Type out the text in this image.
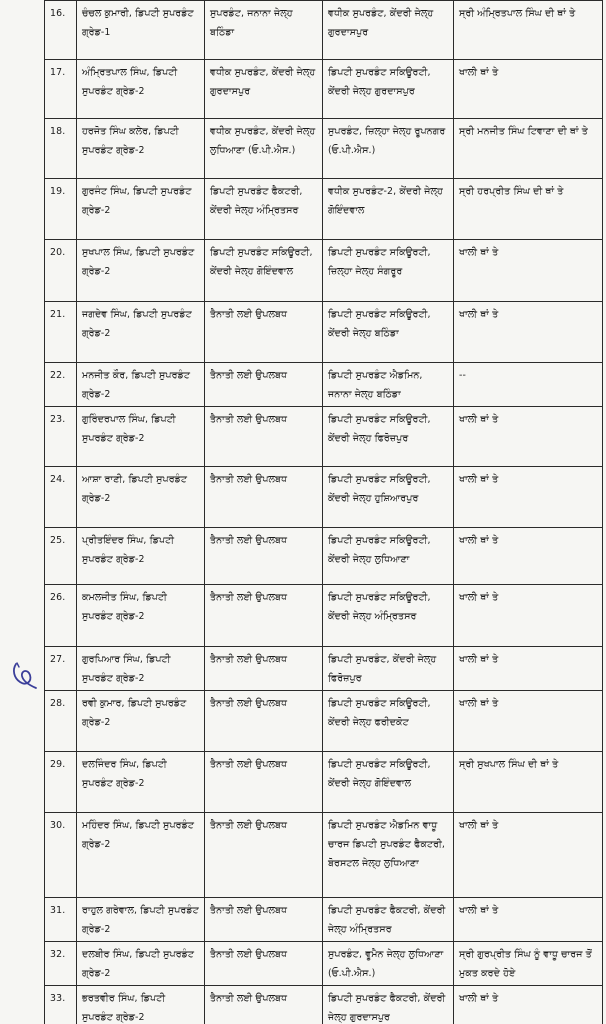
16.	ਚੰਚਲ ਕੁਮਾਰੀ, ਡਿਪਟੀ ਸੁਪਰਡੰਟ ਗ੍ਰੇਡ-1	ਸੁਪਰਡੰਟ, ਜਨਾਨਾ ਜੇਲ੍ਹ ਬਠਿੰਡਾ	ਵਧੀਕ ਸੁਪਰਡੰਟ, ਕੇਂਦਰੀ ਜੇਲ੍ਹ ਗੁਰਦਾਸਪੁਰ	ਸ੍ਰੀ ਅੰਮ੍ਰਿਤਪਾਲ ਸਿੰਘ ਦੀ ਥਾਂ ਤੇ
17.	ਅੰਮ੍ਰਿਤਪਾਲ ਸਿੰਘ, ਡਿਪਟੀ ਸੁਪਰਡੰਟ ਗ੍ਰੇਡ-2	ਵਧੀਕ ਸੁਪਰਡੰਟ, ਕੇਂਦਰੀ ਜੇਲ੍ਹ ਗੁਰਦਾਸਪੁਰ	ਡਿਪਟੀ ਸੁਪਰਡੰਟ ਸਕਿਊਰਟੀ, ਕੇਂਦਰੀ ਜੇਲ੍ਹ ਗੁਰਦਾਸਪੁਰ	ਖਾਲੀ ਥਾਂ ਤੇ
18.	ਹਰਜੋਤ ਸਿੰਘ ਕਲੇਰ, ਡਿਪਟੀ ਸੁਪਰਡੰਟ ਗ੍ਰੇਡ-2	ਵਧੀਕ ਸੁਪਰਡੰਟ, ਕੇਂਦਰੀ ਜੇਲ੍ਹ ਲੁਧਿਆਣਾ (ਓ.ਪੀ.ਐਸ.)	ਸੁਪਰਡੰਟ, ਜ਼ਿਲ੍ਹਾ ਜੇਲ੍ਹ ਰੂਪਨਗਰ (ਓ.ਪੀ.ਐਸ.)	ਸ੍ਰੀ ਮਨਜੀਤ ਸਿੰਘ ਟਿਵਾਣਾ ਦੀ ਥਾਂ ਤੇ
19.	ਗੁਰਜੰਟ ਸਿੰਘ, ਡਿਪਟੀ ਸੁਪਰਡੰਟ ਗ੍ਰੇਡ-2	ਡਿਪਟੀ ਸੁਪਰਡੰਟ ਫੈਕਟਰੀ, ਕੇਂਦਰੀ ਜੇਲ੍ਹ ਅੰਮ੍ਰਿਤਸਰ	ਵਧੀਕ ਸੁਪਰਡੰਟ-2, ਕੇਂਦਰੀ ਜੇਲ੍ਹ ਗੋਇੰਦਵਾਲ	ਸ੍ਰੀ ਹਰਪ੍ਰੀਤ ਸਿੰਘ ਦੀ ਥਾਂ ਤੇ
20.	ਸੁਖਪਾਲ ਸਿੰਘ, ਡਿਪਟੀ ਸੁਪਰਡੰਟ ਗ੍ਰੇਡ-2	ਡਿਪਟੀ ਸੁਪਰਡੰਟ ਸਕਿਊਰਟੀ, ਕੇਂਦਰੀ ਜੇਲ੍ਹ ਗੋਇੰਦਵਾਲ	ਡਿਪਟੀ ਸੁਪਰਡੰਟ ਸਕਿਊਰਟੀ, ਜ਼ਿਲ੍ਹਾ ਜੇਲ੍ਹ ਸੰਗਰੂਰ	ਖਾਲੀ ਥਾਂ ਤੇ
21.	ਜਗਦੇਵ ਸਿੰਘ, ਡਿਪਟੀ ਸੁਪਰਡੰਟ ਗ੍ਰੇਡ-2	ਤੈਨਾਤੀ ਲਈ ਉਪਲਬਧ	ਡਿਪਟੀ ਸੁਪਰਡੰਟ ਸਕਿਊਰਟੀ, ਕੇਂਦਰੀ ਜੇਲ੍ਹ ਬਠਿੰਡਾ	ਖਾਲੀ ਥਾਂ ਤੇ
22.	ਮਨਜੀਤ ਕੌਰ, ਡਿਪਟੀ ਸੁਪਰਡੰਟ ਗ੍ਰੇਡ-2	ਤੈਨਾਤੀ ਲਈ ਉਪਲਬਧ	ਡਿਪਟੀ ਸੁਪਰਡੰਟ ਐਡਮਿਨ, ਜਨਾਨਾ ਜੇਲ੍ਹ ਬਠਿੰਡਾ	--
23.	ਗੁਰਿੰਦਰਪਾਲ ਸਿੰਘ, ਡਿਪਟੀ ਸੁਪਰਡੰਟ ਗ੍ਰੇਡ-2	ਤੈਨਾਤੀ ਲਈ ਉਪਲਬਧ	ਡਿਪਟੀ ਸੁਪਰਡੰਟ ਸਕਿਊਰਟੀ, ਕੇਂਦਰੀ ਜੇਲ੍ਹ ਫਿਰੋਜ਼ਪੁਰ	ਖਾਲੀ ਥਾਂ ਤੇ
24.	ਆਸ਼ਾ ਰਾਣੀ, ਡਿਪਟੀ ਸੁਪਰਡੰਟ ਗ੍ਰੇਡ-2	ਤੈਨਾਤੀ ਲਈ ਉਪਲਬਧ	ਡਿਪਟੀ ਸੁਪਰਡੰਟ ਸਕਿਊਰਟੀ, ਕੇਂਦਰੀ ਜੇਲ੍ਹ ਹੁਸ਼ਿਆਰਪੁਰ	ਖਾਲੀ ਥਾਂ ਤੇ
25.	ਪ੍ਰੀਤਇੰਦਰ ਸਿੰਘ, ਡਿਪਟੀ ਸੁਪਰਡੰਟ ਗ੍ਰੇਡ-2	ਤੈਨਾਤੀ ਲਈ ਉਪਲਬਧ	ਡਿਪਟੀ ਸੁਪਰਡੰਟ ਸਕਿਊਰਟੀ, ਕੇਂਦਰੀ ਜੇਲ੍ਹ ਲੁਧਿਆਣਾ	ਖਾਲੀ ਥਾਂ ਤੇ
26.	ਕਮਲਜੀਤ ਸਿੰਘ, ਡਿਪਟੀ ਸੁਪਰਡੰਟ ਗ੍ਰੇਡ-2	ਤੈਨਾਤੀ ਲਈ ਉਪਲਬਧ	ਡਿਪਟੀ ਸੁਪਰਡੰਟ ਸਕਿਊਰਟੀ, ਕੇਂਦਰੀ ਜੇਲ੍ਹ ਅੰਮ੍ਰਿਤਸਰ	ਖਾਲੀ ਥਾਂ ਤੇ
27.	ਗੁਰਪਿਆਰ ਸਿੰਘ, ਡਿਪਟੀ ਸੁਪਰਡੰਟ ਗ੍ਰੇਡ-2	ਤੈਨਾਤੀ ਲਈ ਉਪਲਬਧ	ਡਿਪਟੀ ਸੁਪਰਡੰਟ, ਕੇਂਦਰੀ ਜੇਲ੍ਹ ਫਿਰੋਜ਼ਪੁਰ	ਖਾਲੀ ਥਾਂ ਤੇ
28.	ਰਵੀ ਕੁਮਾਰ, ਡਿਪਟੀ ਸੁਪਰਡੰਟ ਗ੍ਰੇਡ-2	ਤੈਨਾਤੀ ਲਈ ਉਪਲਬਧ	ਡਿਪਟੀ ਸੁਪਰਡੰਟ ਸਕਿਊਰਟੀ, ਕੇਂਦਰੀ ਜੇਲ੍ਹ ਫਰੀਦਕੋਟ	ਖਾਲੀ ਥਾਂ ਤੇ
29.	ਦਲਜਿੰਦਰ ਸਿੰਘ, ਡਿਪਟੀ ਸੁਪਰਡੰਟ ਗ੍ਰੇਡ-2	ਤੈਨਾਤੀ ਲਈ ਉਪਲਬਧ	ਡਿਪਟੀ ਸੁਪਰਡੰਟ ਸਕਿਊਰਟੀ, ਕੇਂਦਰੀ ਜੇਲ੍ਹ ਗੋਇੰਦਵਾਲ	ਸ੍ਰੀ ਸੁਖਪਾਲ ਸਿੰਘ ਦੀ ਥਾਂ ਤੇ
30.	ਮਹਿੰਦਰ ਸਿੰਘ, ਡਿਪਟੀ ਸੁਪਰਡੰਟ ਗ੍ਰੇਡ-2	ਤੈਨਾਤੀ ਲਈ ਉਪਲਬਧ	ਡਿਪਟੀ ਸੁਪਰਡੰਟ ਐਡਮਿਨ ਵਾਧੂ ਚਾਰਜ ਡਿਪਟੀ ਸੁਪਰਡੰਟ ਫੈਕਟਰੀ, ਬੋਰਸਟਲ ਜੇਲ੍ਹ ਲੁਧਿਆਣਾ	ਖਾਲੀ ਥਾਂ ਤੇ
31.	ਰਾਹੁਲ ਗਰੇਵਾਲ, ਡਿਪਟੀ ਸੁਪਰਡੰਟ ਗ੍ਰੇਡ-2	ਤੈਨਾਤੀ ਲਈ ਉਪਲਬਧ	ਡਿਪਟੀ ਸੁਪਰਡੰਟ ਫੈਕਟਰੀ, ਕੇਂਦਰੀ ਜੇਲ੍ਹ ਅੰਮ੍ਰਿਤਸਰ	ਖਾਲੀ ਥਾਂ ਤੇ
32.	ਦਲਬੀਰ ਸਿੰਘ, ਡਿਪਟੀ ਸੁਪਰਡੰਟ ਗ੍ਰੇਡ-2	ਤੈਨਾਤੀ ਲਈ ਉਪਲਬਧ	ਸੁਪਰਡੰਟ, ਵੂਮੈਨ ਜੇਲ੍ਹ ਲੁਧਿਆਣਾ (ਓ.ਪੀ.ਐਸ.)	ਸ੍ਰੀ ਗੁਰਪ੍ਰੀਤ ਸਿੰਘ ਨੂੰ ਵਾਧੂ ਚਾਰਜ ਤੋਂ ਮੁਕਤ ਕਰਦੇ ਹੋਏ
33.	ਭਰਤਵੀਰ ਸਿੰਘ, ਡਿਪਟੀ ਸੁਪਰਡੰਟ ਗ੍ਰੇਡ-2	ਤੈਨਾਤੀ ਲਈ ਉਪਲਬਧ	ਡਿਪਟੀ ਸੁਪਰਡੰਟ ਫੈਕਟਰੀ, ਕੇਂਦਰੀ ਜੇਲ੍ਹ ਗੁਰਦਾਸਪੁਰ	ਖਾਲੀ ਥਾਂ ਤੇ
